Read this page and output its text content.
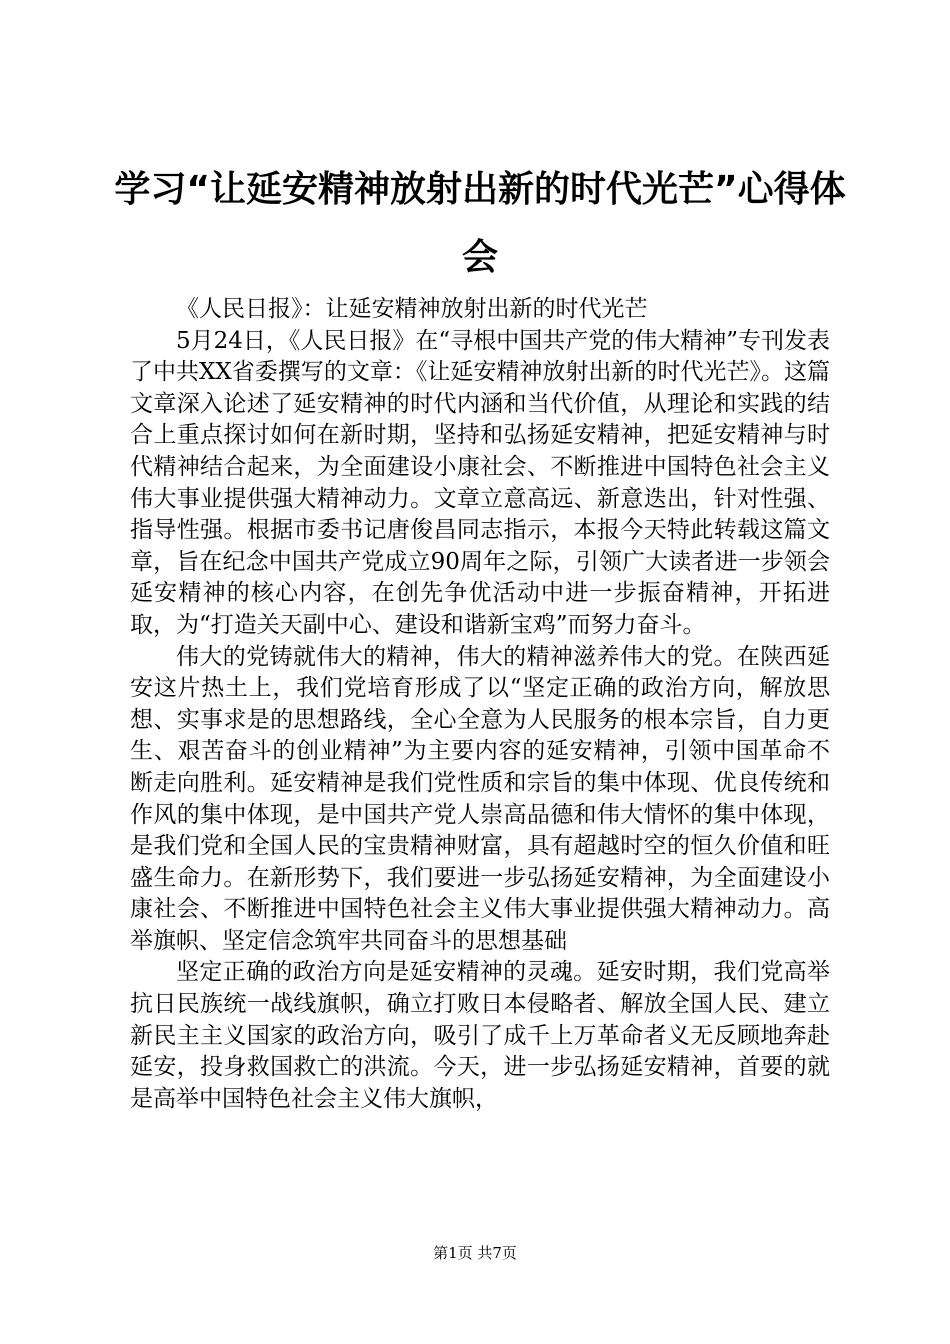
学习“让延安精神放射出新的时代光芒”心得体会

《人民日报》：让延安精神放射出新的时代光芒

5月24日，《人民日报》在“寻根中国共产党的伟大精神”专刊发表了中共XX省委撰写的文章：《让延安精神放射出新的时代光芒》。这篇文章深入论述了延安精神的时代内涵和当代价值，从理论和实践的结合上重点探讨如何在新时期，坚持和弘扬延安精神，把延安精神与时代精神结合起来，为全面建设小康社会、不断推进中国特色社会主义伟大事业提供强大精神动力。文章立意高远、新意迭出，针对性强、指导性强。根据市委书记唐俊昌同志指示，本报今天特此转载这篇文章，旨在纪念中国共产党成立90周年之际，引领广大读者进一步领会延安精神的核心内容，在创先争优活动中进一步振奋精神，开拓进取，为“打造关天副中心、建设和谐新宝鸡”而努力奋斗。

伟大的党铸就伟大的精神，伟大的精神滋养伟大的党。在陕西延安这片热土上，我们党培育形成了以“坚定正确的政治方向，解放思想、实事求是的思想路线，全心全意为人民服务的根本宗旨，自力更生、艰苦奋斗的创业精神”为主要内容的延安精神，引领中国革命不断走向胜利。延安精神是我们党性质和宗旨的集中体现、优良传统和作风的集中体现，是中国共产党人崇高品德和伟大情怀的集中体现，是我们党和全国人民的宝贵精神财富，具有超越时空的恒久价值和旺盛生命力。在新形势下，我们要进一步弘扬延安精神，为全面建设小康社会、不断推进中国特色社会主义伟大事业提供强大精神动力。高举旗帜、坚定信念筑牢共同奋斗的思想基础

坚定正确的政治方向是延安精神的灵魂。延安时期，我们党高举抗日民族统一战线旗帜，确立打败日本侵略者、解放全国人民、建立新民主主义国家的政治方向，吸引了成千上万革命者义无反顾地奔赴延安，投身救国救亡的洪流。今天，进一步弘扬延安精神，首要的就是高举中国特色社会主义伟大旗帜，

第1页 共7页
